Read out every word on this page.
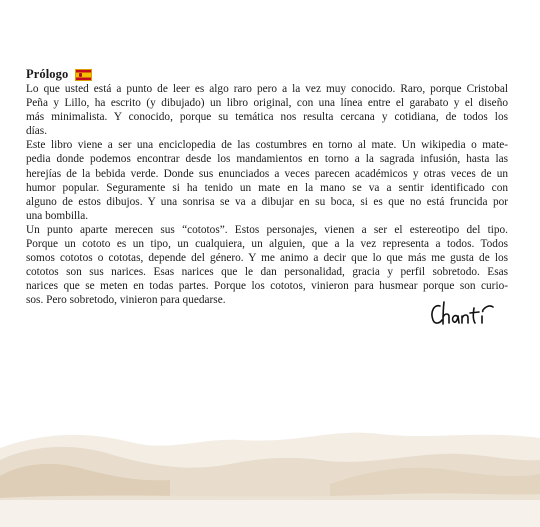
Prólogo

Lo que usted está a punto de leer es algo raro pero a la vez muy conocido. Raro, porque Cristobal
Peña y Lillo, ha escrito (y dibujado) un libro original, con una línea entre el garabato y el diseño
más minimalista. Y conocido, porque su temática nos resulta cercana y cotidiana, de todos los
días.

Este libro viene a ser una enciclopedia de las costumbres en torno al mate. Un wikipedia o mate-
pedia donde podemos encontrar desde los mandamientos en torno a la sagrada infusión, hasta las
herejías de la bebida verde. Donde sus enunciados a veces parecen académicos y otras veces de un
humor popular. Seguramente si ha tenido un mate en la mano se va a sentir identificado con
alguno de estos dibujos. Y una sonrisa se va a dibujar en su boca, si es que no está fruncida por
una bombilla.

Un punto aparte merecen sus “cototos”. Estos personajes, vienen a ser el estereotipo del tipo.
Porque un cototo es un tipo, un cualquiera, un alguien, que a la vez representa a todos. Todos
somos cototos o cototas, depende del género. Y me animo a decir que lo que más me gusta de los
cototos son sus narices. Esas narices que le dan personalidad, gracia y perfil sobretodo. Esas
narices que se meten en todas partes. Porque los cototos, vinieron para husmear porque son curio-
sos. Pero sobretodo, vinieron para quedarse.
